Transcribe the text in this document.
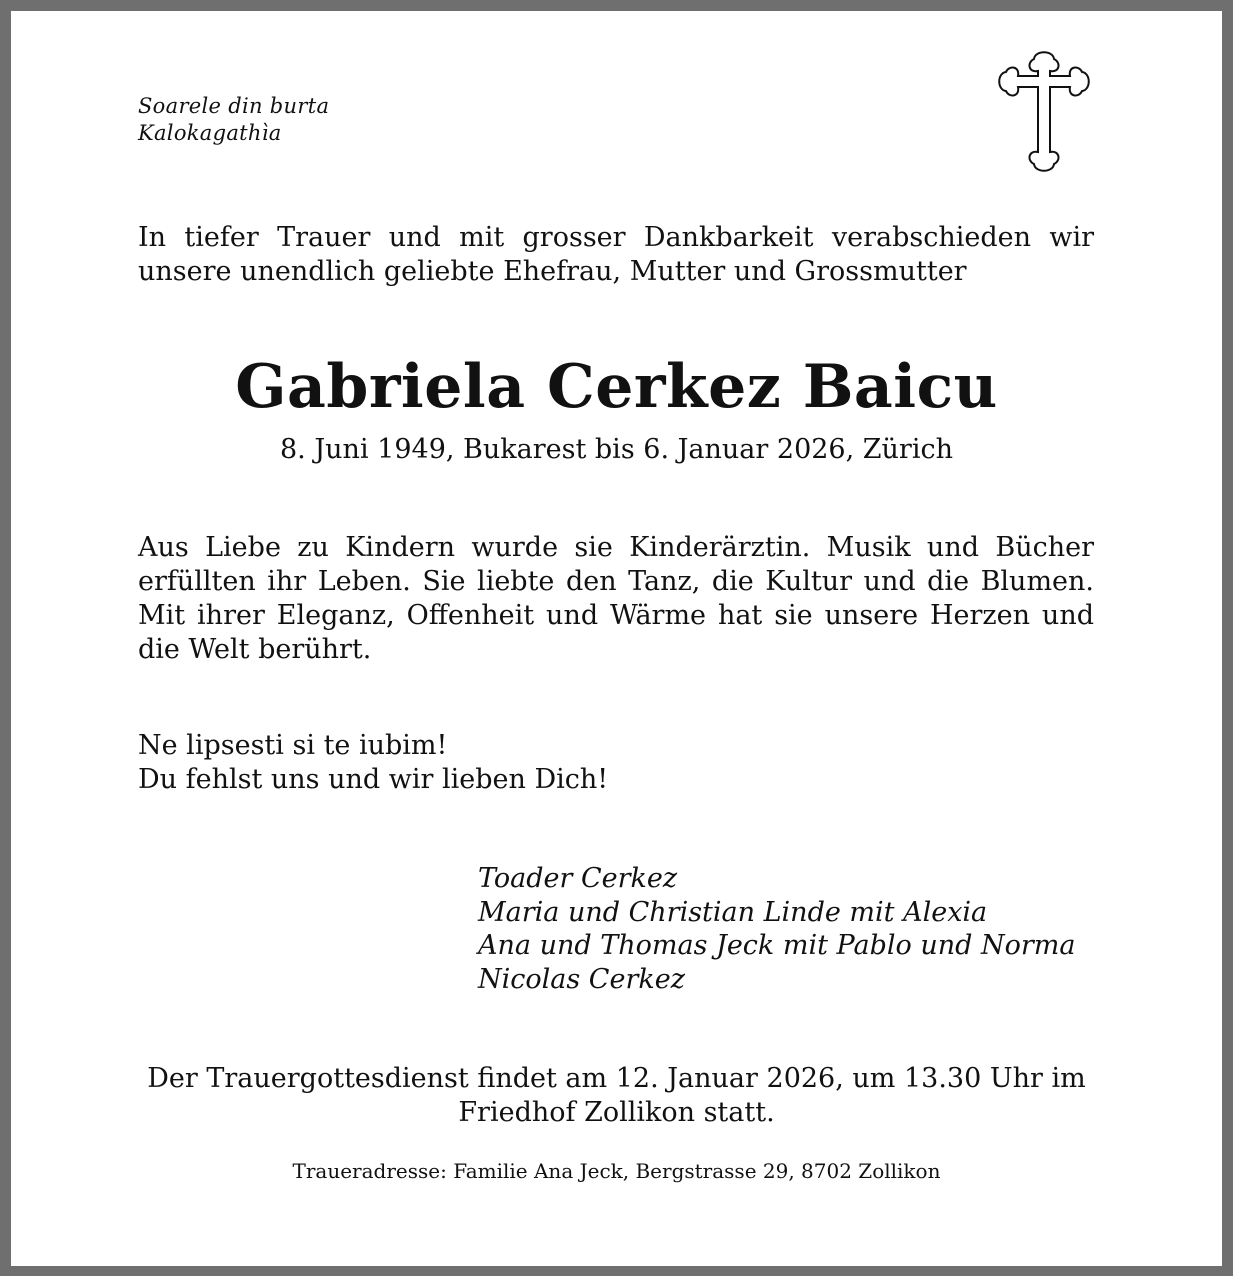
Soarele din burta
Kalokagathìa
In tiefer Trauer und mit grosser Dankbarkeit verabschieden wir unsere unendlich geliebte Ehefrau, Mutter und Grossmutter
Gabriela Cerkez Baicu
8. Juni 1949, Bukarest bis 6. Januar 2026, Zürich
Aus Liebe zu Kindern wurde sie Kinderärztin. Musik und Bücher erfüllten ihr Leben. Sie liebte den Tanz, die Kultur und die Blumen. Mit ihrer Eleganz, Offenheit und Wärme hat sie unsere Herzen und die Welt berührt.
Ne lipsesti si te iubim!
Du fehlst uns und wir lieben Dich!
Toader Cerkez
Maria und Christian Linde mit Alexia
Ana und Thomas Jeck mit Pablo und Norma
Nicolas Cerkez
Der Trauergottesdienst findet am 12. Januar 2026, um 13.30 Uhr im
Friedhof Zollikon statt.
Traueradresse: Familie Ana Jeck, Bergstrasse 29, 8702 Zollikon
